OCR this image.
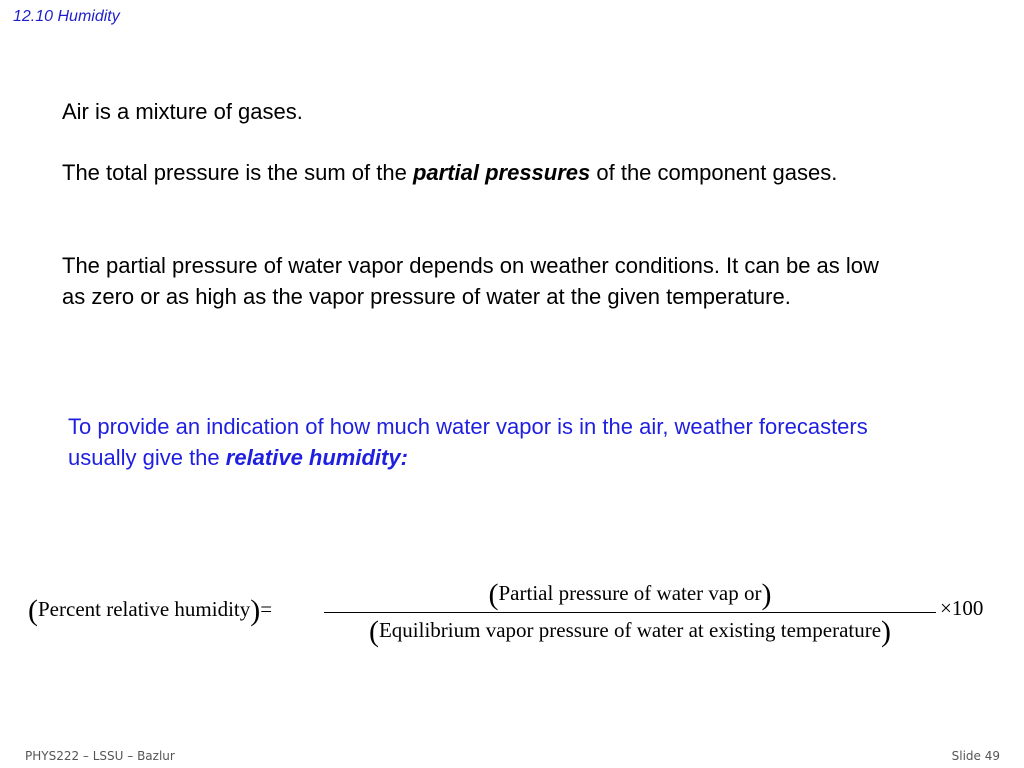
12.10 Humidity
Air is a mixture of gases.
The total pressure is the sum of the partial pressures of the component gases.
The partial pressure of water vapor depends on weather conditions. It can be as low as zero or as high as the vapor pressure of water at the given temperature.
To provide an indication of how much water vapor is in the air, weather forecasters usually give the relative humidity:
(Percent relative humidity)=	(Partial pressure of water vap or)
(Equilibrium vapor pressure of water at existing temperature)
×100
PHYS222 – LSSU – Bazlur	Slide 49
